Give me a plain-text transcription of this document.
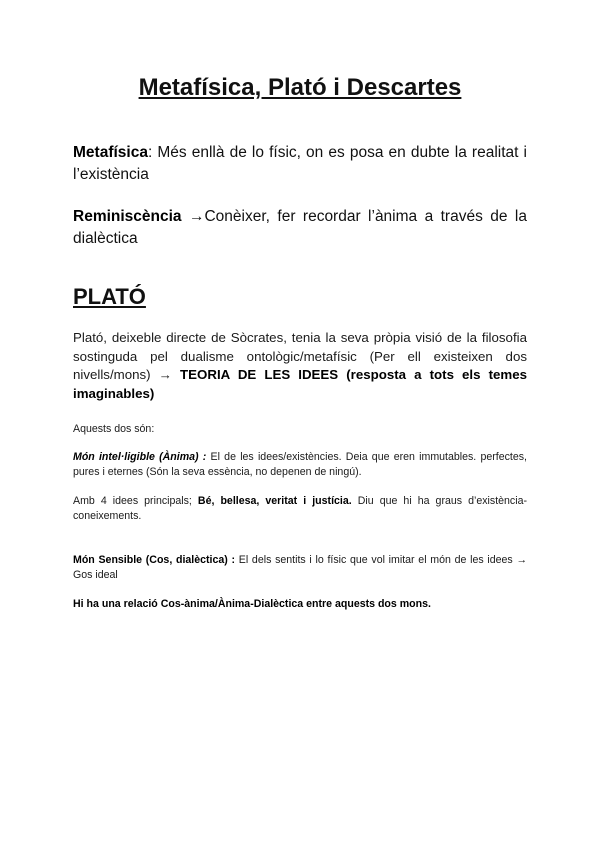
Metafísica, Plató i Descartes

Metafísica: Més enllà de lo físic, on es posa en dubte la realitat i l’existència

Reminiscència →Conèixer, fer recordar l’ànima a través de la dialèctica

PLATÓ

Plató, deixeble directe de Sòcrates, tenia la seva pròpia visió de la filosofia sostinguda pel dualisme ontològic/metafísic (Per ell existeixen dos nivells/mons) → TEORIA DE LES IDEES (resposta a tots els temes imaginables)

Aquests dos són:

Món intel·ligible (Ànima) : El de les idees/existències. Deia que eren immutables. perfectes, pures i eternes (Són la seva essència, no depenen de ningú).

Amb 4 idees principals; Bé, bellesa, veritat i justícia. Diu que hi ha graus d’existència-coneixements.

Món Sensible (Cos, dialèctica) : El dels sentits i lo físic que vol imitar el món de les idees → Gos ideal

Hi ha una relació Cos-ànima/Ànima-Dialèctica entre aquests dos mons.
